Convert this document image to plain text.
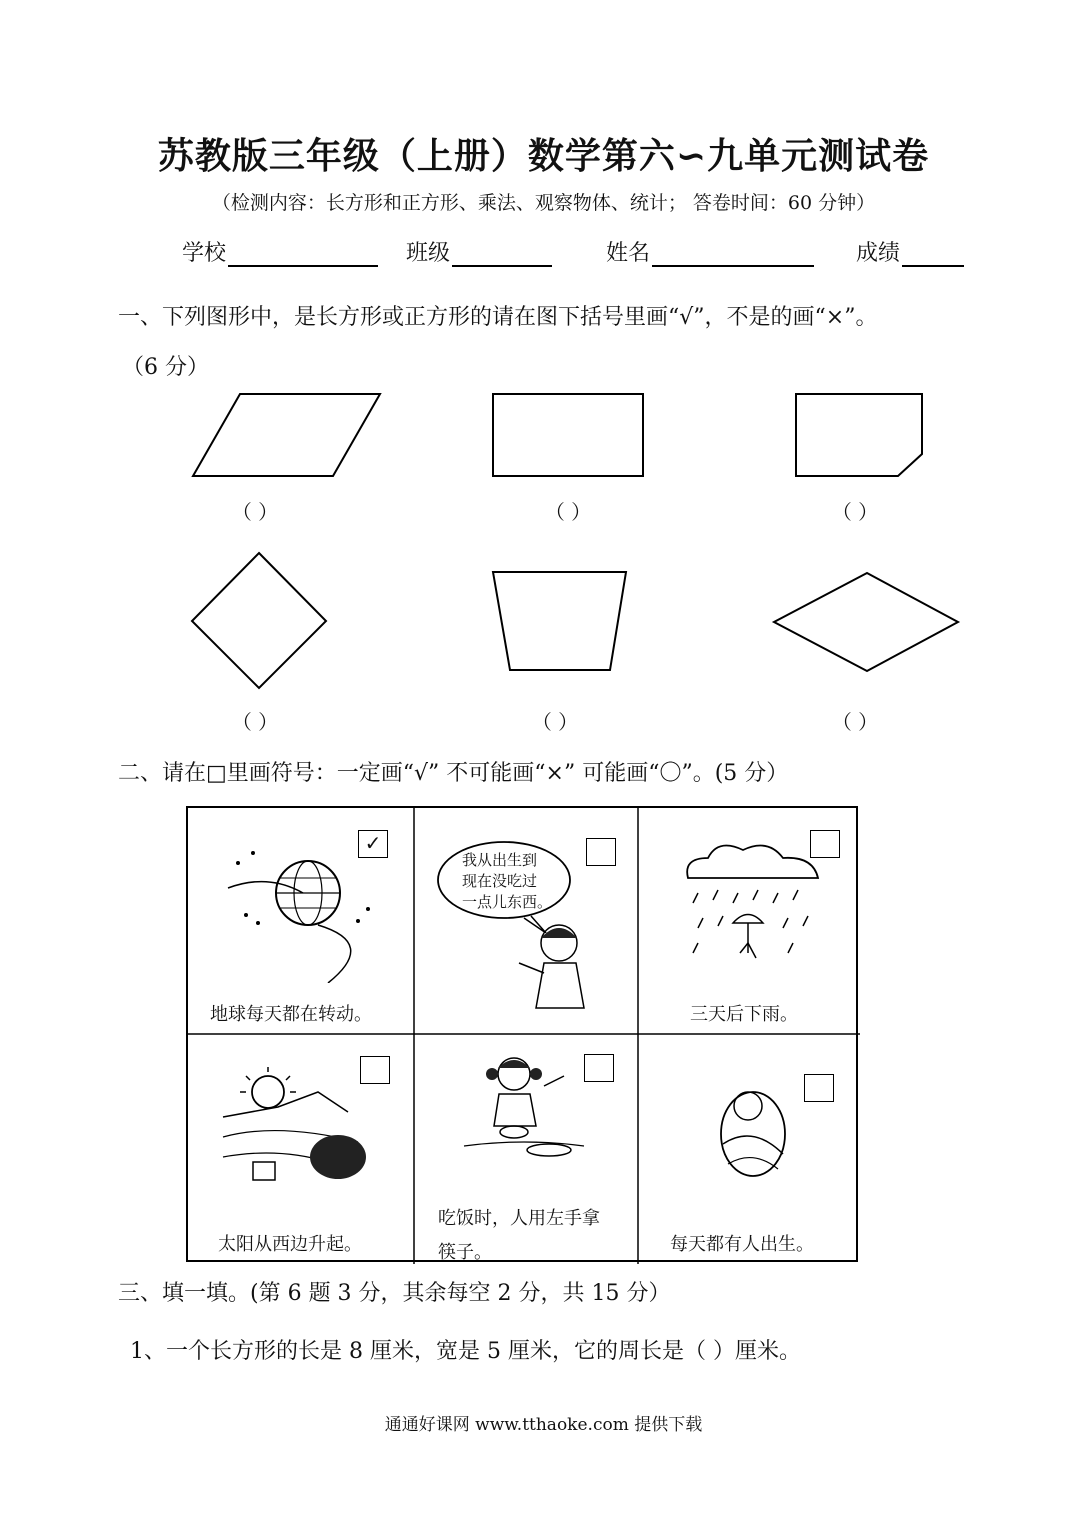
苏教版三年级（上册）数学第六∽九单元测试卷
（检测内容：长方形和正方形、乘法、观察物体、统计； 答卷时间：60 分钟）
学校	班级	姓名	成绩
一、下列图形中，是长方形或正方形的请在图下括号里画“√”，不是的画“×”。
（6 分）
（ ）	（ ）	（ ）
（ ）	（ ）	（ ）
二、请在□里画符号：一定画“√” 不可能画“×” 可能画“〇”。(5 分）
✓
地球每天都在转动。
我从出生到
现在没吃过
一点儿东西。
三天后下雨。
太阳从西边升起。
吃饭时，人用左手拿
筷子。	每天都有人出生。
三、填一填。(第 6 题 3 分，其余每空 2 分，共 15 分）
1、一个长方形的长是 8 厘米，宽是 5 厘米，它的周长是（ ）厘米。
通通好课网 www.tthaoke.com 提供下载
